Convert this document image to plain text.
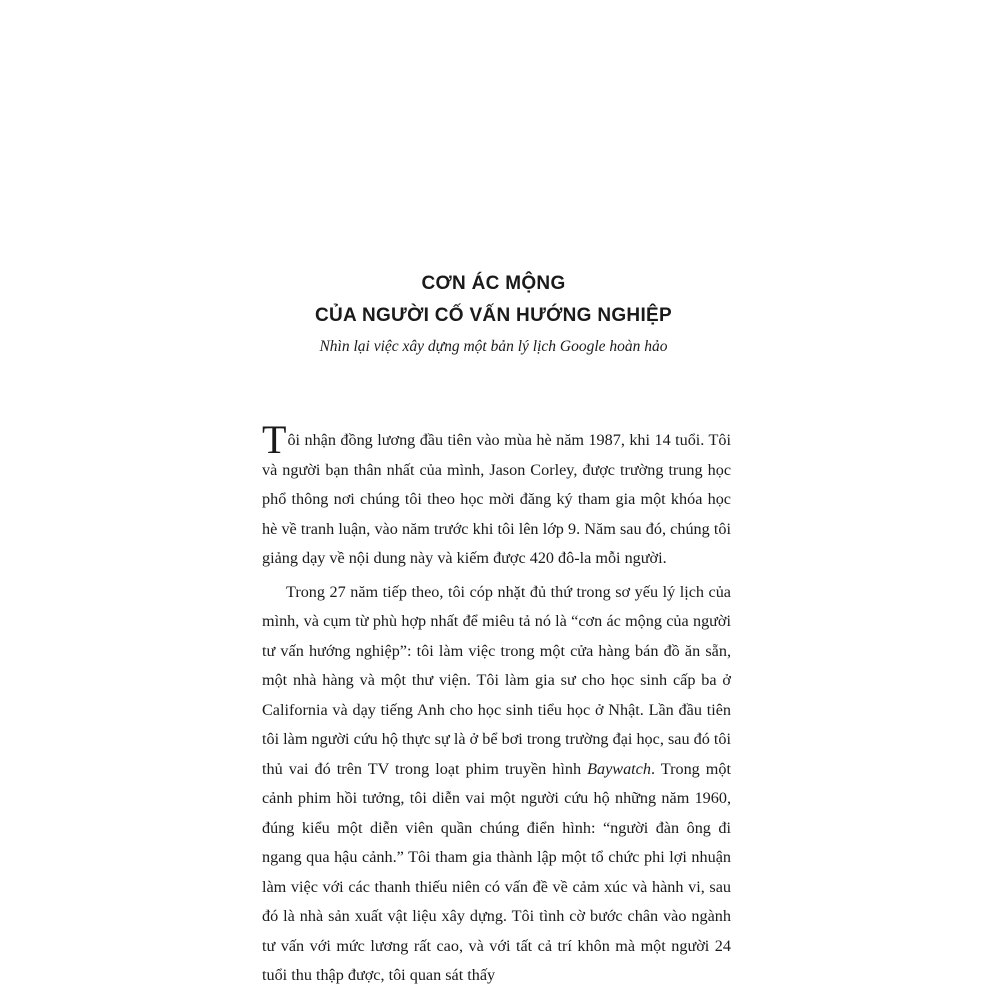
CƠN ÁC MỘNG
CỦA NGƯỜI CỐ VẤN HƯỚNG NGHIỆP
Nhìn lại việc xây dựng một bản lý lịch Google hoàn hảo

Tôi nhận đồng lương đầu tiên vào mùa hè năm 1987, khi 14 tuổi. Tôi và người bạn thân nhất của mình, Jason Corley, được trường trung học phổ thông nơi chúng tôi theo học mời đăng ký tham gia một khóa học hè về tranh luận, vào năm trước khi tôi lên lớp 9. Năm sau đó, chúng tôi giảng dạy về nội dung này và kiếm được 420 đô-la mỗi người.

Trong 27 năm tiếp theo, tôi cóp nhặt đủ thứ trong sơ yếu lý lịch của mình, và cụm từ phù hợp nhất để miêu tả nó là “cơn ác mộng của người tư vấn hướng nghiệp”: tôi làm việc trong một cửa hàng bán đồ ăn sẵn, một nhà hàng và một thư viện. Tôi làm gia sư cho học sinh cấp ba ở California và dạy tiếng Anh cho học sinh tiểu học ở Nhật. Lần đầu tiên tôi làm người cứu hộ thực sự là ở bể bơi trong trường đại học, sau đó tôi thủ vai đó trên TV trong loạt phim truyền hình Baywatch. Trong một cảnh phim hồi tưởng, tôi diễn vai một người cứu hộ những năm 1960, đúng kiểu một diễn viên quần chúng điển hình: “người đàn ông đi ngang qua hậu cảnh.” Tôi tham gia thành lập một tổ chức phi lợi nhuận làm việc với các thanh thiếu niên có vấn đề về cảm xúc và hành vi, sau đó là nhà sản xuất vật liệu xây dựng. Tôi tình cờ bước chân vào ngành tư vấn với mức lương rất cao, và với tất cả trí khôn mà một người 24 tuổi thu thập được, tôi quan sát thấy
